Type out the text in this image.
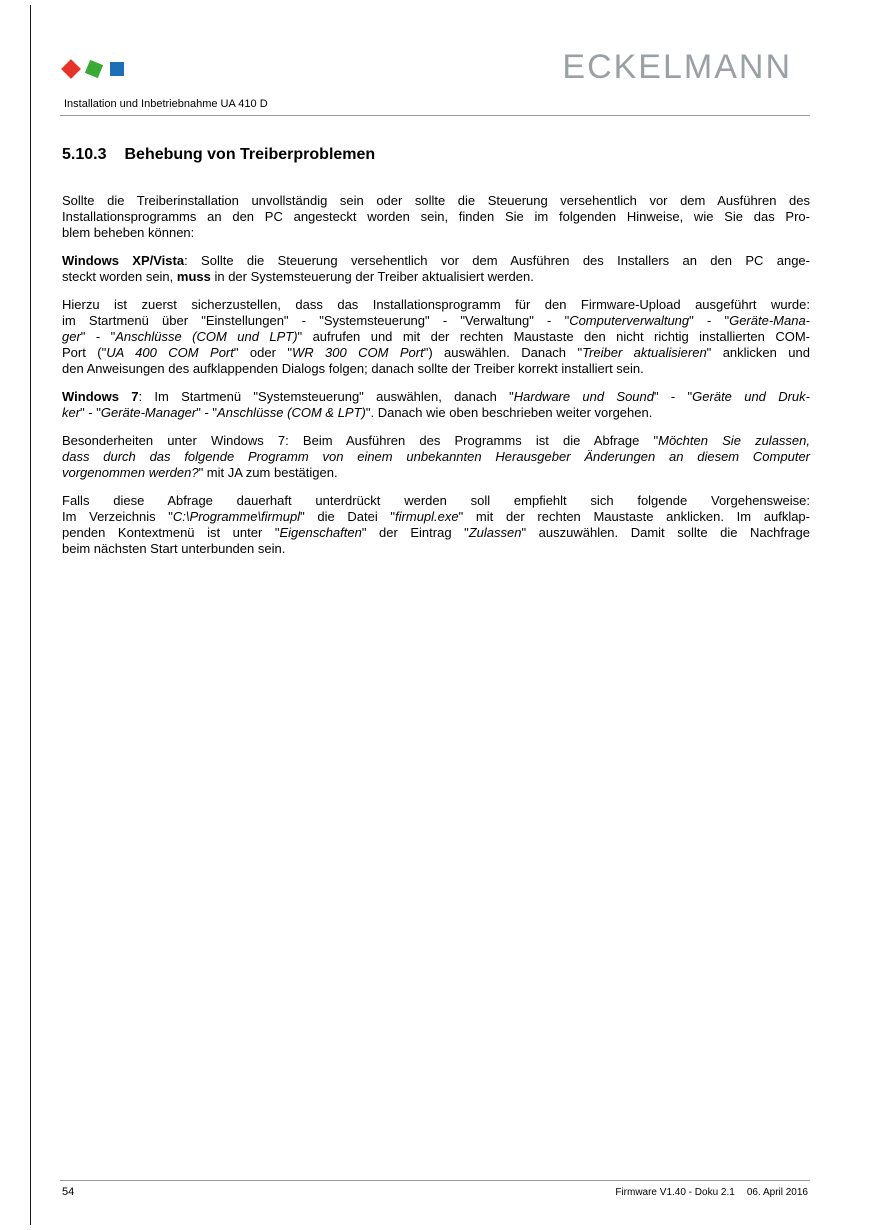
ECKELMANN
Installation und Inbetriebnahme UA 410 D
5.10.3 Behebung von Treiberproblemen
Sollte die Treiberinstallation unvollständig sein oder sollte die Steuerung versehentlich vor dem Ausführen des
Installationsprogramms an den PC angesteckt worden sein, finden Sie im folgenden Hinweise, wie Sie das Pro-
blem beheben können:
Windows XP/Vista: Sollte die Steuerung versehentlich vor dem Ausführen des Installers an den PC ange-
steckt worden sein, muss in der Systemsteuerung der Treiber aktualisiert werden.
Hierzu ist zuerst sicherzustellen, dass das Installationsprogramm für den Firmware-Upload ausgeführt wurde:
im Startmenü über "Einstellungen" - "Systemsteuerung" - "Verwaltung" - "Computerverwaltung" - "Geräte-Mana-
ger" - "Anschlüsse (COM und LPT)" aufrufen und mit der rechten Maustaste den nicht richtig installierten COM-
Port ("UA 400 COM Port" oder "WR 300 COM Port") auswählen. Danach "Treiber aktualisieren" anklicken und
den Anweisungen des aufklappenden Dialogs folgen; danach sollte der Treiber korrekt installiert sein.
Windows 7: Im Startmenü "Systemsteuerung" auswählen, danach "Hardware und Sound" - "Geräte und Druk-
ker" - "Geräte-Manager" - "Anschlüsse (COM & LPT)". Danach wie oben beschrieben weiter vorgehen.
Besonderheiten unter Windows 7: Beim Ausführen des Programms ist die Abfrage "Möchten Sie zulassen,
dass durch das folgende Programm von einem unbekannten Herausgeber Änderungen an diesem Computer
vorgenommen werden?" mit JA zum bestätigen.
Falls diese Abfrage dauerhaft unterdrückt werden soll empfiehlt sich folgende Vorgehensweise:
Im Verzeichnis "C:\Programme\firmupl" die Datei "firmupl.exe" mit der rechten Maustaste anklicken. Im aufklap-
penden Kontextmenü ist unter "Eigenschaften" der Eintrag "Zulassen" auszuwählen. Damit sollte die Nachfrage
beim nächsten Start unterbunden sein.
54	Firmware V1.40 - Doku 2.1 06. April 2016
